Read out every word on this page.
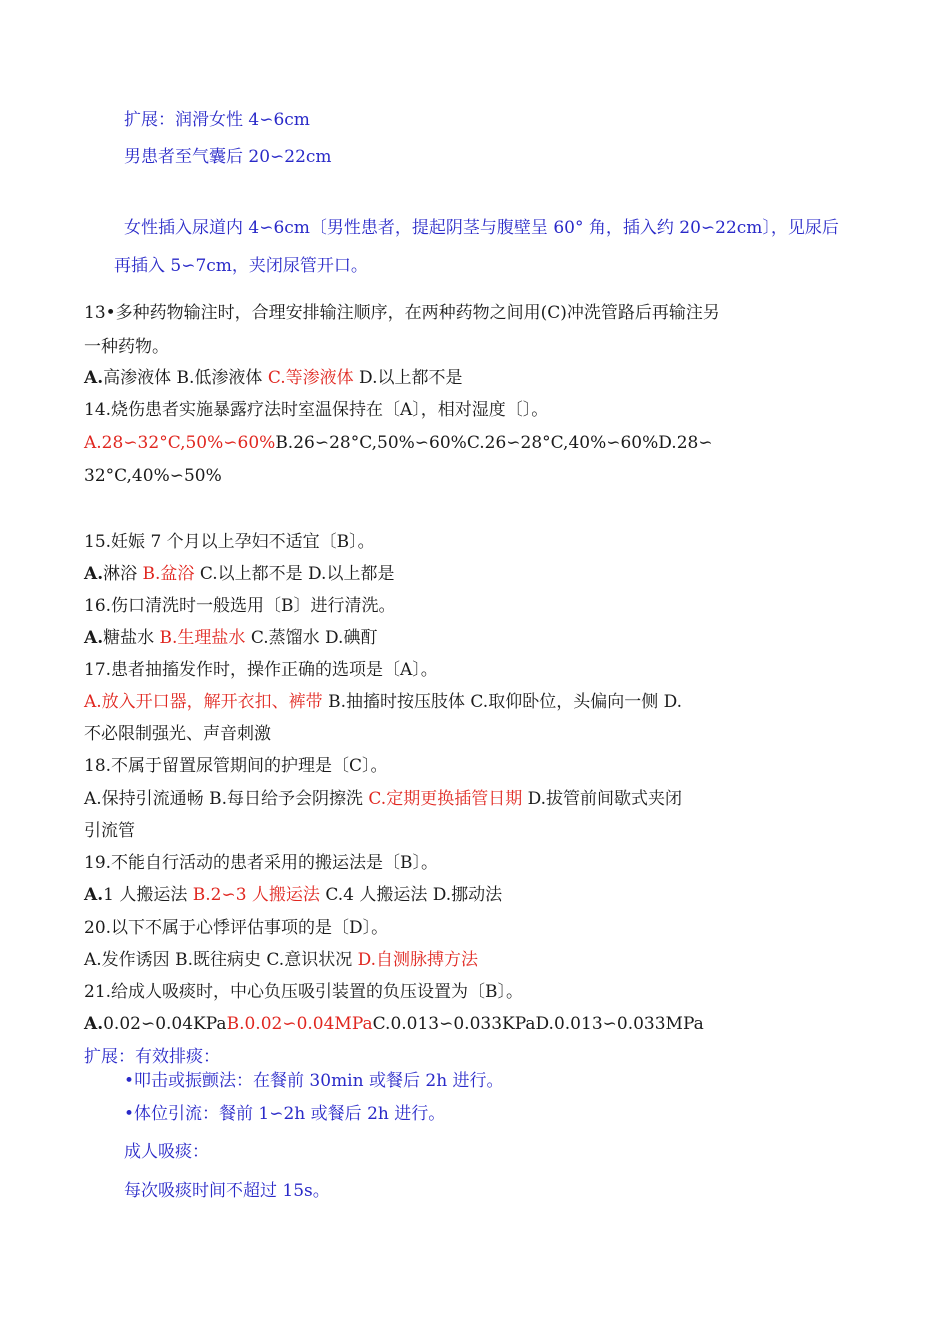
扩展：润滑女性 4∽6cm

男患者至气囊后 20∽22cm

女性插入尿道内 4∽6cm〔男性患者，提起阴茎与腹壁呈 60° 角，插入约 20∽22cm〕，见尿后

再插入 5∽7cm，夹闭尿管开口。

13•多种药物输注时，合理安排输注顺序，在两种药物之间用(C)冲洗管路后再输注另

一种药物。

A.高渗液体 B.低渗液体 C.等渗液体 D.以上都不是

14.烧伤患者实施暴露疗法时室温保持在〔A〕，相对湿度〔〕。

A.28∽32°C,50%∽60%B.26∽28°C,50%∽60%C.26∽28°C,40%∽60%D.28∽

32°C,40%∽50%

15.妊娠 7 个月以上孕妇不适宜〔B〕。

A.淋浴 B.盆浴 C.以上都不是 D.以上都是

16.伤口清洗时一般选用〔B〕进行清洗。

A.糖盐水 B.生理盐水 C.蒸馏水 D.碘酊

17.患者抽搐发作时，操作正确的选项是〔A〕。

A.放入开口器，解开衣扣、裤带 B.抽搐时按压肢体 C.取仰卧位，头偏向一侧 D.

不必限制强光、声音刺激

18.不属于留置尿管期间的护理是〔C〕。

A.保持引流通畅 B.每日给予会阴擦洗 C.定期更换插管日期 D.拔管前间歇式夹闭

引流管

19.不能自行活动的患者采用的搬运法是〔B〕。

A.1 人搬运法 B.2∽3 人搬运法 C.4 人搬运法 D.挪动法

20.以下不属于心悸评估事项的是〔D〕。

A.发作诱因 B.既往病史 C.意识状况 D.自测脉搏方法

21.给成人吸痰时，中心负压吸引装置的负压设置为〔B〕。

A.0.02∽0.04KPaB.0.02∽0.04MPaC.0.013∽0.033KPaD.0.013∽0.033MPa

扩展：有效排痰：

•叩击或振颤法：在餐前 30min 或餐后 2h 进行。

•体位引流：餐前 1∽2h 或餐后 2h 进行。

成人吸痰：

每次吸痰时间不超过 15s。
